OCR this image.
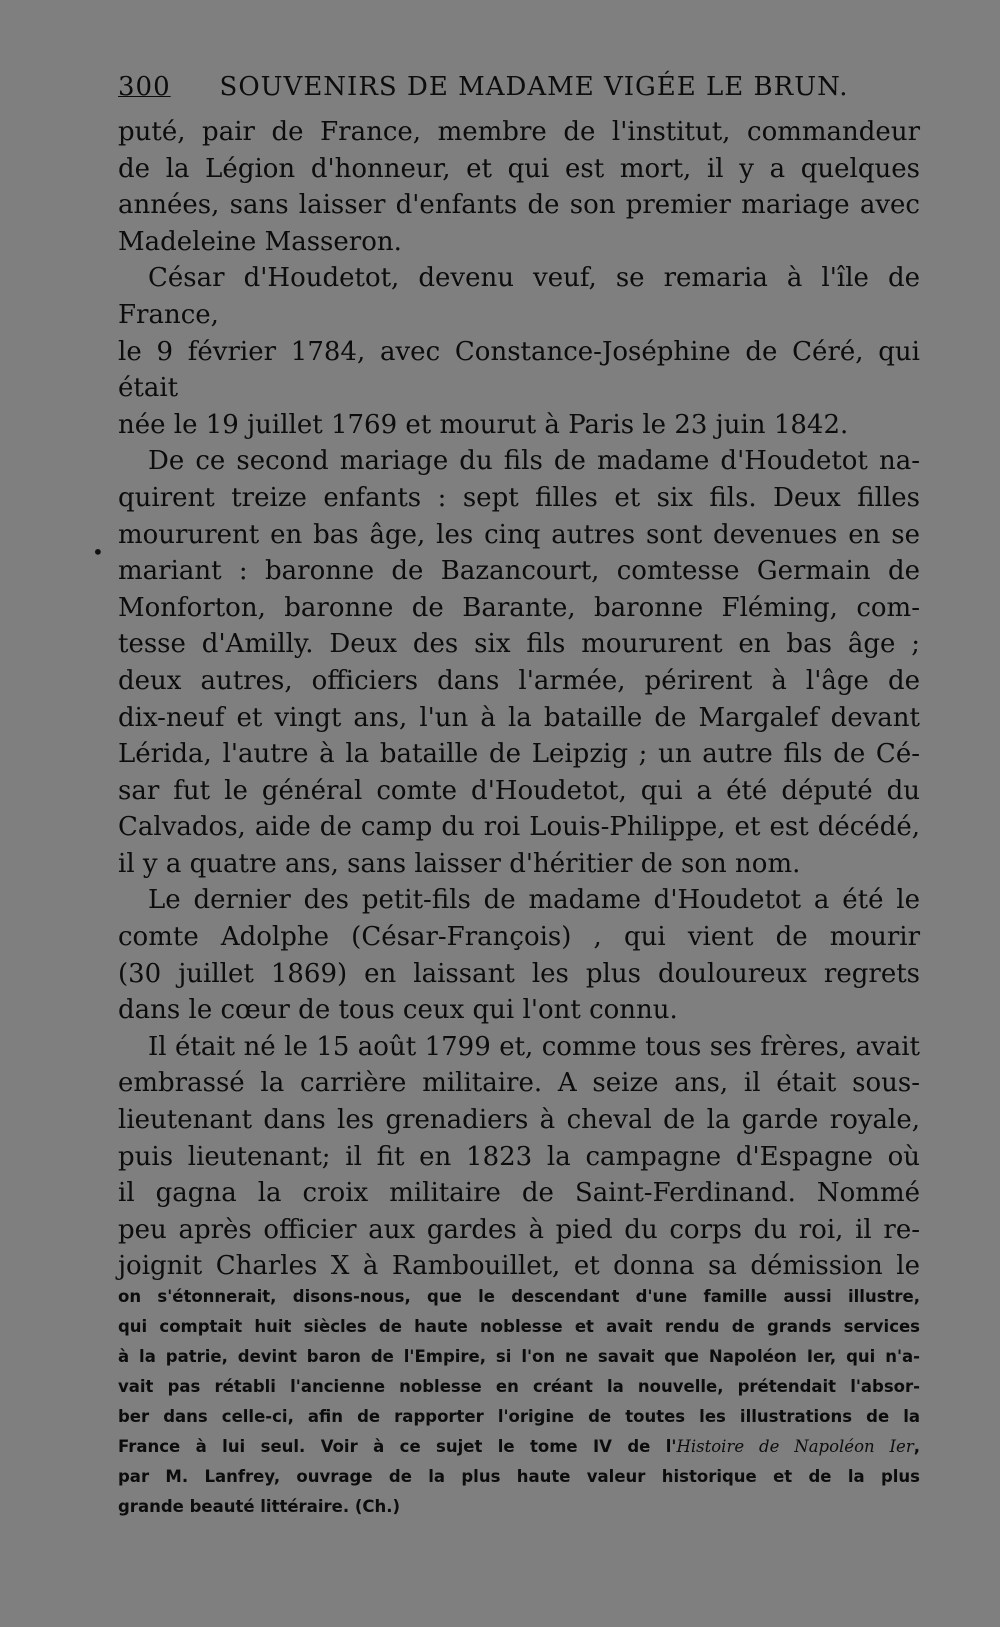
300	SOUVENIRS DE MADAME VIGÉE LE BRUN.

puté, pair de France, membre de l'institut, commandeur

de la Légion d'honneur, et qui est mort, il y a quelques

années, sans laisser d'enfants de son premier mariage avec

Madeleine Masseron.

César d'Houdetot, devenu veuf, se remaria à l'île de France,

le 9 février 1784, avec Constance-Joséphine de Céré, qui était

née le 19 juillet 1769 et mourut à Paris le 23 juin 1842.

De ce second mariage du fils de madame d'Houdetot na-

quirent treize enfants : sept filles et six fils. Deux filles

moururent en bas âge, les cinq autres sont devenues en se

mariant : baronne de Bazancourt, comtesse Germain de

Monforton, baronne de Barante, baronne Fléming, com-

tesse d'Amilly. Deux des six fils moururent en bas âge ;

deux autres, officiers dans l'armée, périrent à l'âge de

dix-neuf et vingt ans, l'un à la bataille de Margalef devant

Lérida, l'autre à la bataille de Leipzig ; un autre fils de Cé-

sar fut le général comte d'Houdetot, qui a été député du

Calvados, aide de camp du roi Louis-Philippe, et est décédé,

il y a quatre ans, sans laisser d'héritier de son nom.

Le dernier des petit-fils de madame d'Houdetot a été le

comte Adolphe (César-François) , qui vient de mourir

(30 juillet 1869) en laissant les plus douloureux regrets

dans le cœur de tous ceux qui l'ont connu.

Il était né le 15 août 1799 et, comme tous ses frères, avait

embrassé la carrière militaire. A seize ans, il était sous-

lieutenant dans les grenadiers à cheval de la garde royale,

puis lieutenant; il fit en 1823 la campagne d'Espagne où

il gagna la croix militaire de Saint-Ferdinand. Nommé

peu après officier aux gardes à pied du corps du roi, il re-

joignit Charles X à Rambouillet, et donna sa démission le

•

on s'étonnerait, disons-nous, que le descendant d'une famille aussi illustre,

qui comptait huit siècles de haute noblesse et avait rendu de grands services

à la patrie, devint baron de l'Empire, si l'on ne savait que Napoléon Ier, qui n'a-

vait pas rétabli l'ancienne noblesse en créant la nouvelle, prétendait l'absor-

ber dans celle-ci, afin de rapporter l'origine de toutes les illustrations de la

France à lui seul. Voir à ce sujet le tome IV de l'Histoire de Napoléon Ier,

par M. Lanfrey, ouvrage de la plus haute valeur historique et de la plus

grande beauté littéraire. (Ch.)
